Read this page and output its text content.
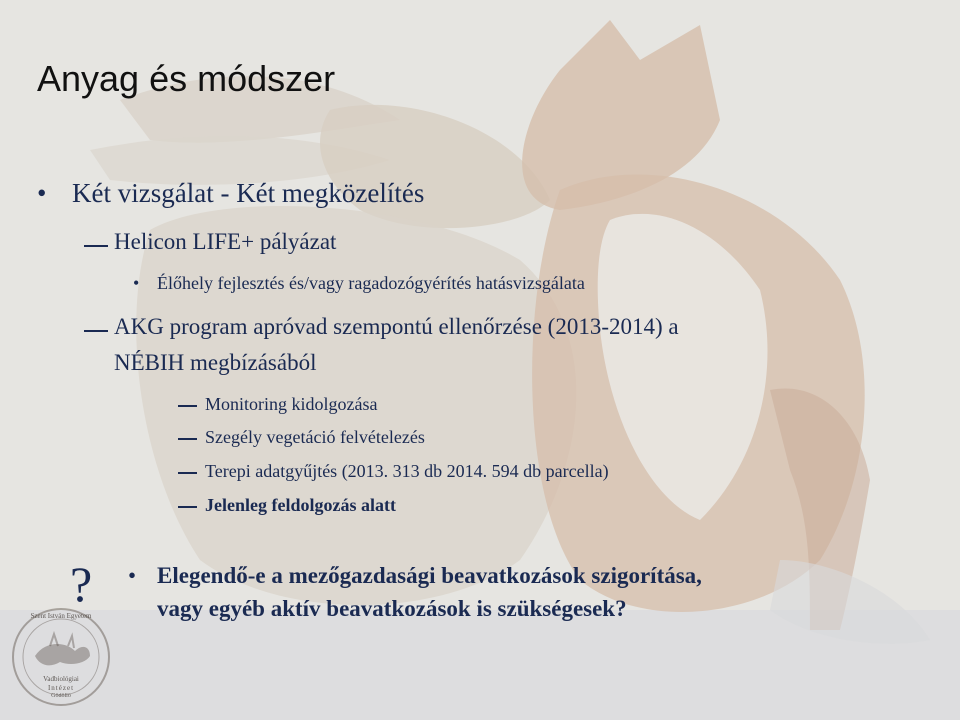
Anyag és módszer
• Két vizsgálat - Két megközelítés
Helicon LIFE+ pályázat
• Élőhely fejlesztés és/vagy ragadozógyérítés hatásvizsgálata
AKG program apróvad szempontú ellenőrzése (2013-2014) a
NÉBIH megbízásából
Monitoring kidolgozása
Szegély vegetáció felvételezés
Terepi adatgyűjtés (2013. 313 db 2014. 594 db parcella)
Jelenleg feldolgozás alatt
? • Elegendő-e a mezőgazdasági beavatkozások szigorítása,
vagy egyéb aktív beavatkozások is szükségesek?
Szent István Egyetem
Vadbiológiai
Intézet
Gödöllő
